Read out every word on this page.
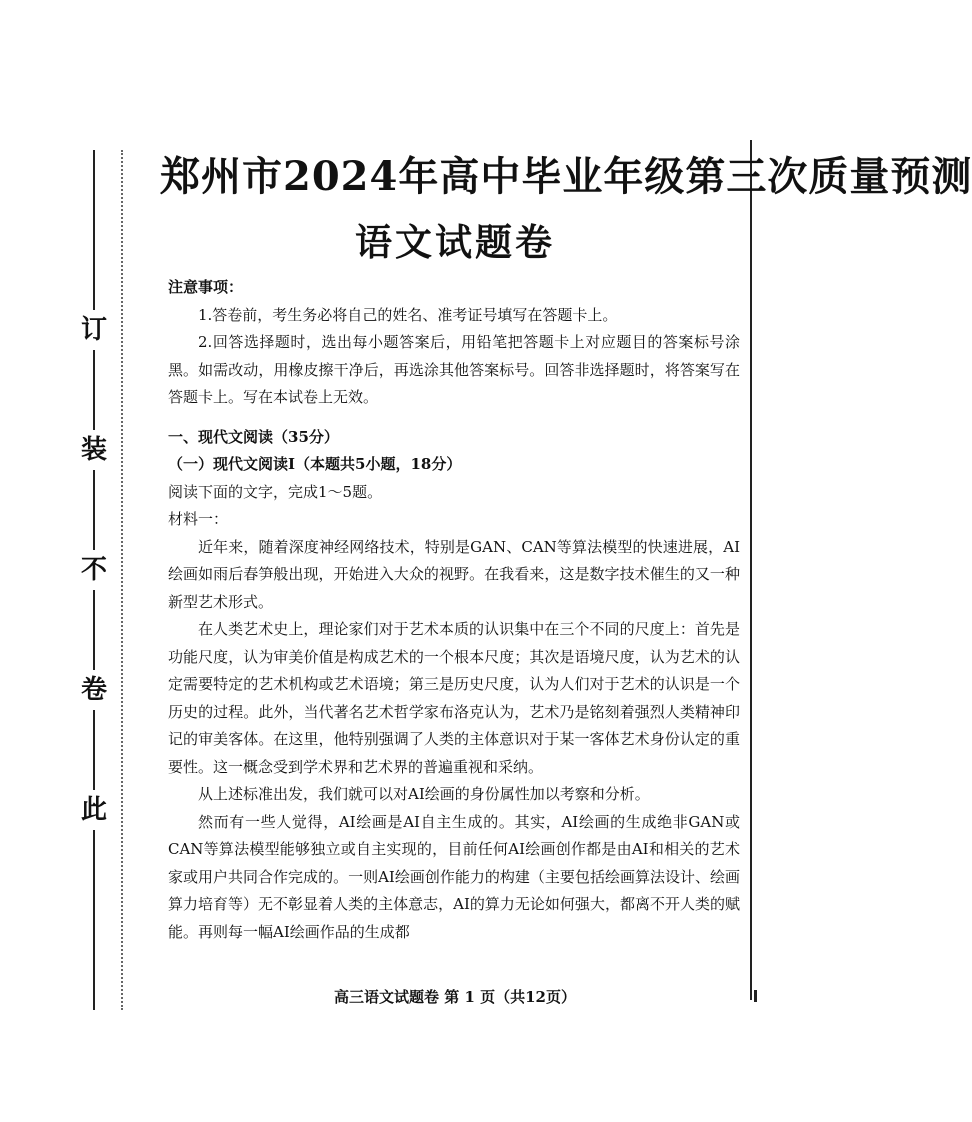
此
卷
不
装
订
郑州市2024年高中毕业年级第三次质量预测
语文试题卷

注意事项：

1.答卷前，考生务必将自己的姓名、准考证号填写在答题卡上。

2.回答选择题时，选出每小题答案后，用铅笔把答题卡上对应题目的答案标号涂黑。如需改动，用橡皮擦干净后，再选涂其他答案标号。回答非选择题时，将答案写在答题卡上。写在本试卷上无效。

一、现代文阅读（35分）

（一）现代文阅读Ⅰ（本题共5小题，18分）

阅读下面的文字，完成1～5题。

材料一：

近年来，随着深度神经网络技术，特别是GAN、CAN等算法模型的快速进展，AI绘画如雨后春笋般出现，开始进入大众的视野。在我看来，这是数字技术催生的又一种新型艺术形式。

在人类艺术史上，理论家们对于艺术本质的认识集中在三个不同的尺度上：首先是功能尺度，认为审美价值是构成艺术的一个根本尺度；其次是语境尺度，认为艺术的认定需要特定的艺术机构或艺术语境；第三是历史尺度，认为人们对于艺术的认识是一个历史的过程。此外，当代著名艺术哲学家布洛克认为，艺术乃是铭刻着强烈人类精神印记的审美客体。在这里，他特别强调了人类的主体意识对于某一客体艺术身份认定的重要性。这一概念受到学术界和艺术界的普遍重视和采纳。

从上述标准出发，我们就可以对AI绘画的身份属性加以考察和分析。

然而有一些人觉得，AI绘画是AI自主生成的。其实，AI绘画的生成绝非GAN或CAN等算法模型能够独立或自主实现的，目前任何AI绘画创作都是由AI和相关的艺术家或用户共同合作完成的。一则AI绘画创作能力的构建（主要包括绘画算法设计、绘画算力培育等）无不彰显着人类的主体意志，AI的算力无论如何强大，都离不开人类的赋能。再则每一幅AI绘画作品的生成都

高三语文试题卷 第 1 页（共12页）
